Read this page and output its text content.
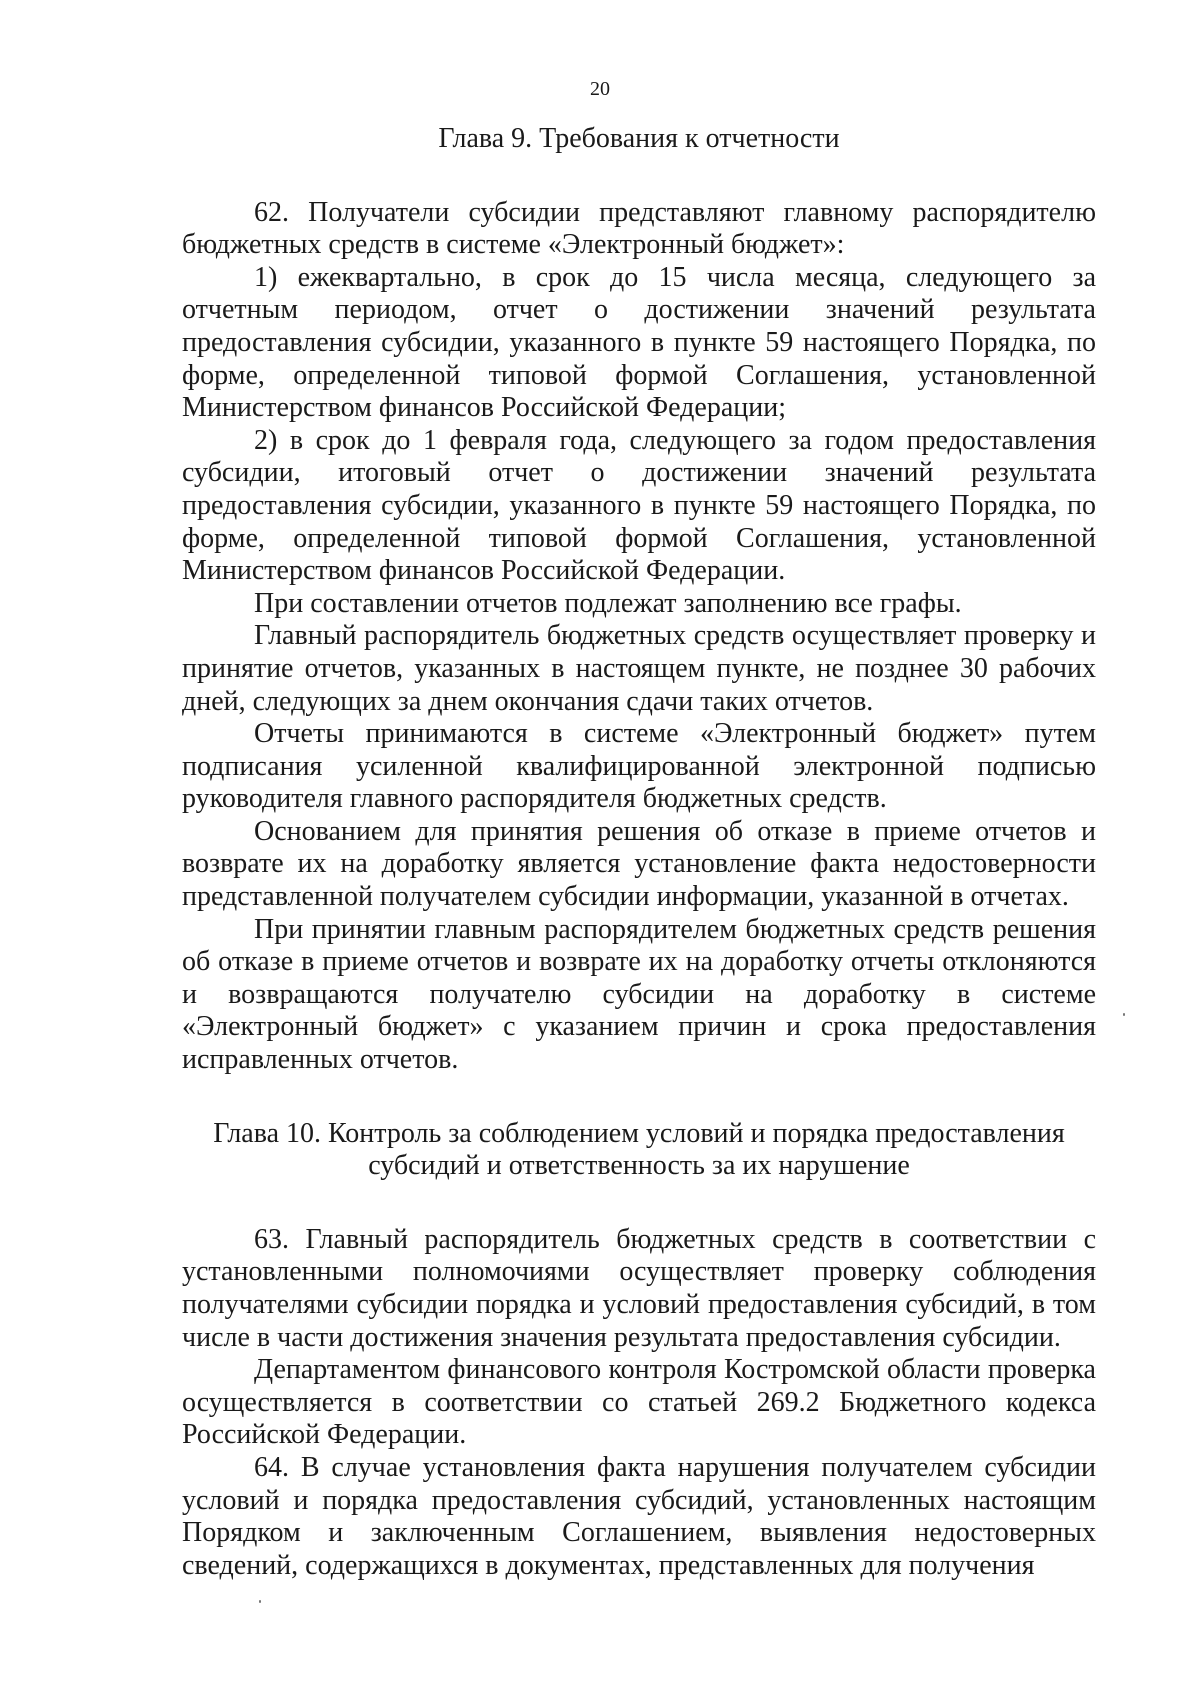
20

Глава 9. Требования к отчетности

62. Получатели субсидии представляют главному распорядителю бюджетных средств в системе «Электронный бюджет»:

1) ежеквартально, в срок до 15 числа месяца, следующего за отчетным периодом, отчет о достижении значений результата предоставления субсидии, указанного в пункте 59 настоящего Порядка, по форме, определенной типовой формой Соглашения, установленной Министерством финансов Российской Федерации;

2) в срок до 1 февраля года, следующего за годом предоставления субсидии, итоговый отчет о достижении значений результата предоставления субсидии, указанного в пункте 59 настоящего Порядка, по форме, определенной типовой формой Соглашения, установленной Министерством финансов Российской Федерации.

При составлении отчетов подлежат заполнению все графы.

Главный распорядитель бюджетных средств осуществляет проверку и принятие отчетов, указанных в настоящем пункте, не позднее 30 рабочих дней, следующих за днем окончания сдачи таких отчетов.

Отчеты принимаются в системе «Электронный бюджет» путем подписания усиленной квалифицированной электронной подписью руководителя главного распорядителя бюджетных средств.

Основанием для принятия решения об отказе в приеме отчетов и возврате их на доработку является установление факта недостоверности представленной получателем субсидии информации, указанной в отчетах.

При принятии главным распорядителем бюджетных средств решения об отказе в приеме отчетов и возврате их на доработку отчеты отклоняются и возвращаются получателю субсидии на доработку в системе «Электронный бюджет» с указанием причин и срока предоставления исправленных отчетов.

Глава 10. Контроль за соблюдением условий и порядка предоставления
субсидий и ответственность за их нарушение

63. Главный распорядитель бюджетных средств в соответствии с установленными полномочиями осуществляет проверку соблюдения получателями субсидии порядка и условий предоставления субсидий, в том числе в части достижения значения результата предоставления субсидии.

Департаментом финансового контроля Костромской области проверка осуществляется в соответствии со статьей 269.2 Бюджетного кодекса Российской Федерации.

64. В случае установления факта нарушения получателем субсидии условий и порядка предоставления субсидий, установленных настоящим Порядком и заключенным Соглашением, выявления недостоверных сведений, содержащихся в документах, представленных для получения
